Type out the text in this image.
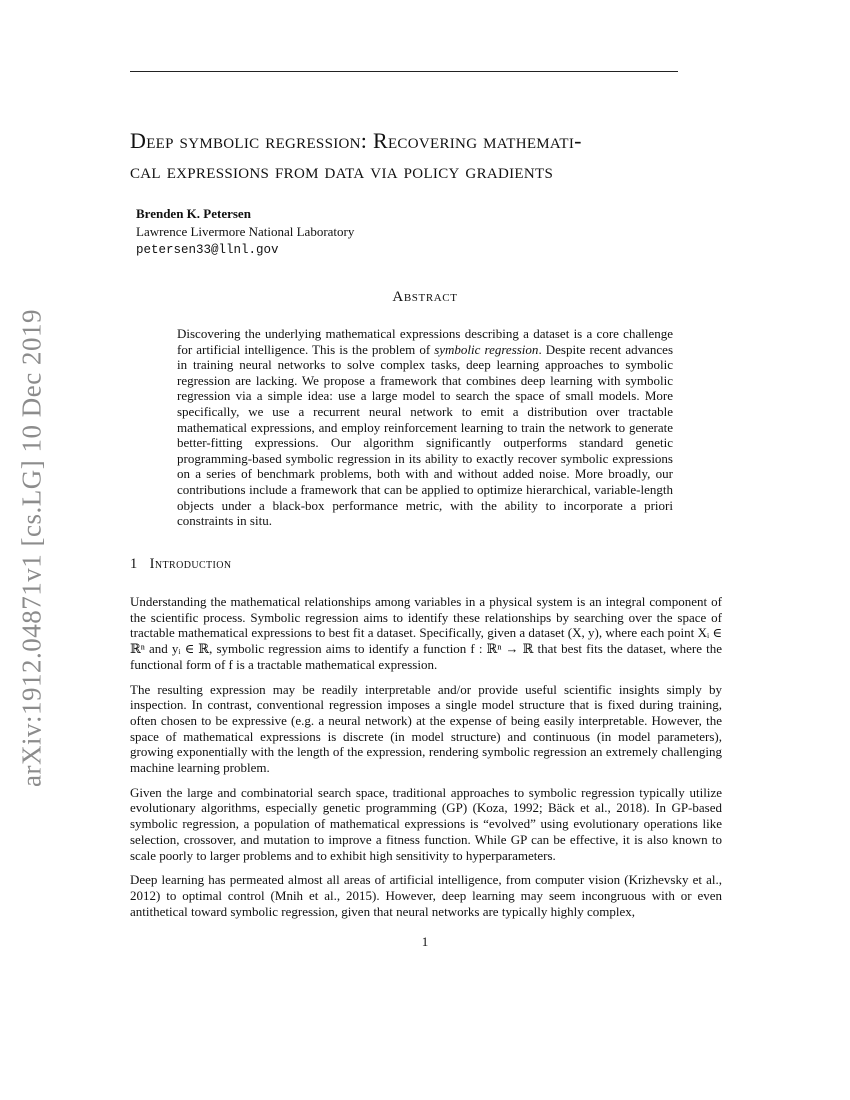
Deep symbolic regression: Recovering mathemati-
cal expressions from data via policy gradients
Brenden K. Petersen
Lawrence Livermore National Laboratory
petersen33@llnl.gov
Abstract
Discovering the underlying mathematical expressions describing a dataset is a core challenge for artificial intelligence. This is the problem of symbolic regression. Despite recent advances in training neural networks to solve complex tasks, deep learning approaches to symbolic regression are lacking. We propose a framework that combines deep learning with symbolic regression via a simple idea: use a large model to search the space of small models. More specifically, we use a recurrent neural network to emit a distribution over tractable mathematical expressions, and employ reinforcement learning to train the network to generate better-fitting expressions. Our algorithm significantly outperforms standard genetic programming-based symbolic regression in its ability to exactly recover symbolic expressions on a series of benchmark problems, both with and without added noise. More broadly, our contributions include a framework that can be applied to optimize hierarchical, variable-length objects under a black-box performance metric, with the ability to incorporate a priori constraints in situ.
1 Introduction

Understanding the mathematical relationships among variables in a physical system is an integral component of the scientific process. Symbolic regression aims to identify these relationships by searching over the space of tractable mathematical expressions to best fit a dataset. Specifically, given a dataset (X, y), where each point Xᵢ ∈ ℝⁿ and yᵢ ∈ ℝ, symbolic regression aims to identify a function f : ℝⁿ → ℝ that best fits the dataset, where the functional form of f is a tractable mathematical expression.

The resulting expression may be readily interpretable and/or provide useful scientific insights simply by inspection. In contrast, conventional regression imposes a single model structure that is fixed during training, often chosen to be expressive (e.g. a neural network) at the expense of being easily interpretable. However, the space of mathematical expressions is discrete (in model structure) and continuous (in model parameters), growing exponentially with the length of the expression, rendering symbolic regression an extremely challenging machine learning problem.

Given the large and combinatorial search space, traditional approaches to symbolic regression typically utilize evolutionary algorithms, especially genetic programming (GP) (Koza, 1992; Bäck et al., 2018). In GP-based symbolic regression, a population of mathematical expressions is “evolved” using evolutionary operations like selection, crossover, and mutation to improve a fitness function. While GP can be effective, it is also known to scale poorly to larger problems and to exhibit high sensitivity to hyperparameters.

Deep learning has permeated almost all areas of artificial intelligence, from computer vision (Krizhevsky et al., 2012) to optimal control (Mnih et al., 2015). However, deep learning may seem incongruous with or even antithetical toward symbolic regression, given that neural networks are typically highly complex,

1
arXiv:1912.04871v1 [cs.LG] 10 Dec 2019
